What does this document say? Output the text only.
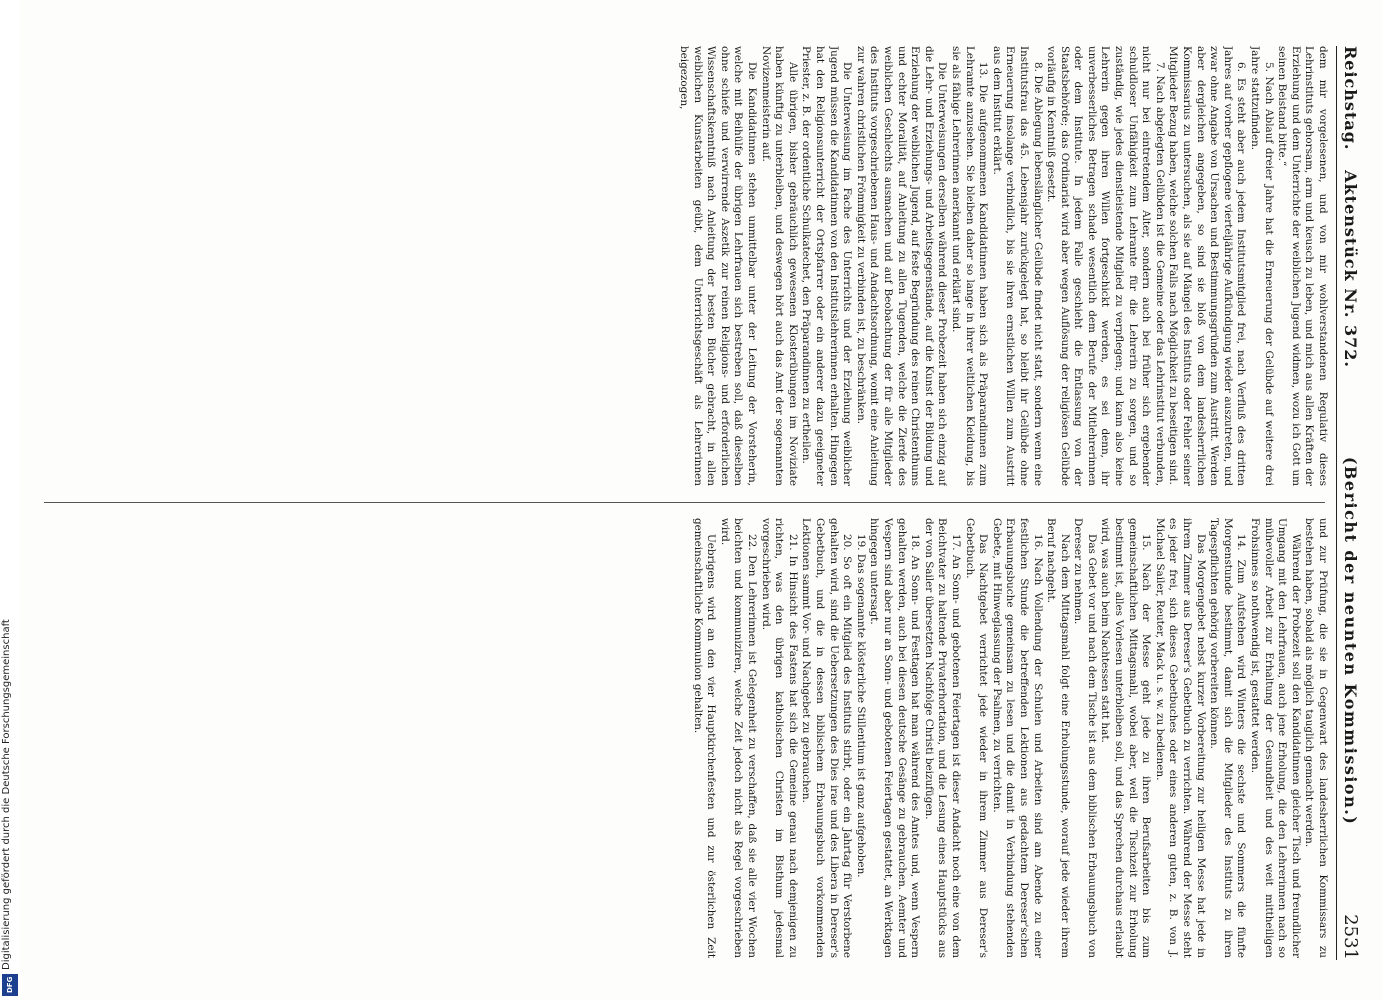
Digitalisierung gefördert durch die Deutsche Forschungsgemeinschaft
DFG
Reichstag.   Aktenstück Nr. 372.
(Bericht der neunten Kommission.)
2531

dem mir vorgelesenen, und von mir wohlverstandenen Regulativ dieses Lehrinstituts gehorsam, arm und keusch zu leben, und mich aus allen Kräften der Erziehung und dem Unterrichte der weiblichen Jugend widmen, wozu ich Gott um seinen Beistand bitte.“

5. Nach Ablauf dreier Jahre hat die Erneuerung der Gelübde auf weitere drei Jahre stattzufinden.

6. Es steht aber auch jedem Institutsmitglied frei, nach Verfluß des dritten Jahres auf vorher gepflogene vierteljährige Aufkündigung wieder auszutreten, und zwar ohne Angabe von Ursachen und Bestimmungsgründen zum Austritt. Werden aber dergleichen angegeben, so sind sie bloß von dem landesherrlichen Kommissarius zu untersuchen, als sie auf Mängel des Instituts oder Fehler seiner Mitglieder Bezug haben, welche solchen Falls nach Möglichkeit zu beseitigen sind.

7. Nach abgelegten Gelübden ist die Gemeine oder das Lehrinstitut verbunden, nicht nur bei eintretendem Alter, sondern auch bei früher sich ergebender schuldloser Unfähigkeit zum Lehramte für die Lehrerin zu sorgen, und so zuständig, wie jedes dienstleistende Mitglied zu verpflegen; und kann also keine Lehrerin gegen ihren Willen fortgeschickt werden, es sei denn, ihr unverbesserliches Betragen schade wesentlich dem Berufe der Mitlehrerinnen oder dem Institute. In jedem Falle geschieht die Entlassung von der Staatsbehörde; das Ordinariat wird aber wegen Auflösung der religiösen Gelübde vorläufig in Kenntniß gesetzt.

8. Die Ablegung lebenslänglicher Gelübde findet nicht statt, sondern wenn eine Institutsfrau das 45. Lebensjahr zurückgelegt hat, so bleibt ihr Gelübde ohne Erneuerung insolange verbindlich, bis sie ihren ernstlichen Willen zum Austritt aus dem Institut erklärt.

13. Die aufgenommenen Kandidatinnen haben sich als Präparandinnen zum Lehramte anzusehen. Sie bleiben daher so lange in ihrer weltlichen Kleidung, bis sie als fähige Lehrerinnen anerkannt und erklärt sind.

Die Unterweisungen derselben während dieser Probezeit haben sich einzig auf die Lehr- und Erziehungs- und Arbeitsgegenstände, auf die Kunst der Bildung und Erziehung der weiblichen Jugend, auf feste Begründung des reinen Christenthums und echter Moralität, auf Anleitung zu allen Tugenden, welche die Zierde des weiblichen Geschlechts ausmachen und auf Beobachtung der für alle Mitglieder des Instituts vorgeschriebenen Haus- und Andachtsordnung, womit eine Anleitung zur wahren christlichen Frömmigkeit zu verbinden ist, zu beschränken.

Die Unterweisung im Fache des Unterrichts und der Erziehung weiblicher Jugend müssen die Kandidatinnen von den Institutslehrerinnen erhalten. Hingegen hat den Religionsunterricht der Ortspfarrer oder ein anderer dazu geeigneter Priester, z. B. der ordentliche Schulkatechet, den Präparandinnen zu ertheilen.

Alle übrigen, bisher gebräuchlich gewesenen Klosterübungen im Noviziate haben künftig zu unterbleiben, und deswegen hört auch das Amt der sogenannten Novizenmeisterin auf.

Die Kandidatinnen stehen unmittelbar unter der Leitung der Vorsteherin, welche mit Beihülfe der übrigen Lehrfrauen sich bestreben soll, daß dieselben ohne schiefe und verwirrende Aszetik zur reinen Religions- und erforderlichen Wissenschaftskenntniß nach Anleitung der besten Bücher gebracht, in allen weiblichen Kunstarbeiten geübt, dem Unterrichtsgeschäft als Lehrerinnen beigezogen,

und zur Prüfung, die sie in Gegenwart des landesherrlichen Kommissars zu bestehen haben, sobald als möglich tauglich gemacht werden.

Während der Probezeit soll den Kandidatinnen gleicher Tisch und freundlicher Umgang mit den Lehrfrauen, auch jene Erholung, die den Lehrerinnen nach so mühevoller Arbeit zur Erhaltung der Gesundheit und des weit mittheiligen Frohsinnes so nothwendig ist, gestattet werden.

14. Zum Aufstehen wird Winters die sechste und Sommers die fünfte Morgenstunde bestimmt, damit sich die Mitglieder des Instituts zu ihren Tagespflichten gehörig vorbereiten können.

Das Morgengebet nebst kurzer Vorbereitung zur heiligen Messe hat jede in ihrem Zimmer aus Dereser's Gebetbuch zu verrichten. Während der Messe steht es jeder frei, sich dieses Gebetbuches oder eines anderen guten, z. B. von J. Michael Sailer, Reuter, Mack u. s. w. zu bedienen.

15. Nach der Messe geht jede zu ihren Berufsarbeiten bis zum gemeinschaftlichen Mittagsmahl, wobei aber, weil die Tischzeit zur Erholung bestimmt ist, alles Vorlesen unterbleiben soll, und das Sprechen durchaus erlaubt wird, was auch beim Nachtessen statt hat.

Das Gebet vor und nach dem Tische ist aus dem biblischen Erbauungsbuch von Dereser zu nehmen.

Nach dem Mittagsmahl folgt eine Erholungsstunde, worauf jede wieder ihrem Beruf nachgeht.

16. Nach Vollendung der Schulen und Arbeiten sind am Abende zu einer festlichen Stunde die betreffenden Lektionen aus gedachtem Dereser'schen Erbauungsbuche gemeinsam zu lesen und die damit in Verbindung stehenden Gebete, mit Hinweglassung der Psalmen, zu verrichten.

Das Nachtgebet verrichtet jede wieder in ihrem Zimmer aus Dereser's Gebetbuch.

17. An Sonn- und gebotenen Feiertagen ist dieser Andacht noch eine von dem Beichtvater zu haltende Privaterhortation, und die Lesung eines Hauptstücks aus der von Sailer übersetzten Nachfolge Christi beizufügen.

18. An Sonn- und Festtagen hat man während des Amtes und, wenn Vespern gehalten werden, auch bei diesen deutsche Gesänge zu gebrauchen. Aemter und Vespern sind aber nur an Sonn- und gebotenen Feiertagen gestattet, an Werktagen hingegen untersagt.

19. Das sogenannte klösterliche Stillentium ist ganz aufgehoben.

20. So oft ein Mitglied des Instituts stirbt, oder ein Jahrtag für Verstorbene gehalten wird, sind die Uebersetzungen des Dies irae und des Libera in Dereser's Gebetbuch, und die in dessen biblischem Erbauungsbuch vorkommenden Lektionen sammt Vor- und Nachgebet zu gebrauchen.

21. In Hinsicht des Fastens hat sich die Gemeine genau nach demjenigen zu richten, was den übrigen katholischen Christen im Bisthum jedesmal vorgeschrieben wird.

22. Den Lehrerinnen ist Gelegenheit zu verschaffen, daß sie alle vier Wochen beichten und kommuniziren, welche Zeit jedoch nicht als Regel vorgeschrieben wird.

Uebrigens wird an den vier Hauptkirchenfesten und zur österlichen Zeit gemeinschaftliche Kommunion gehalten.
